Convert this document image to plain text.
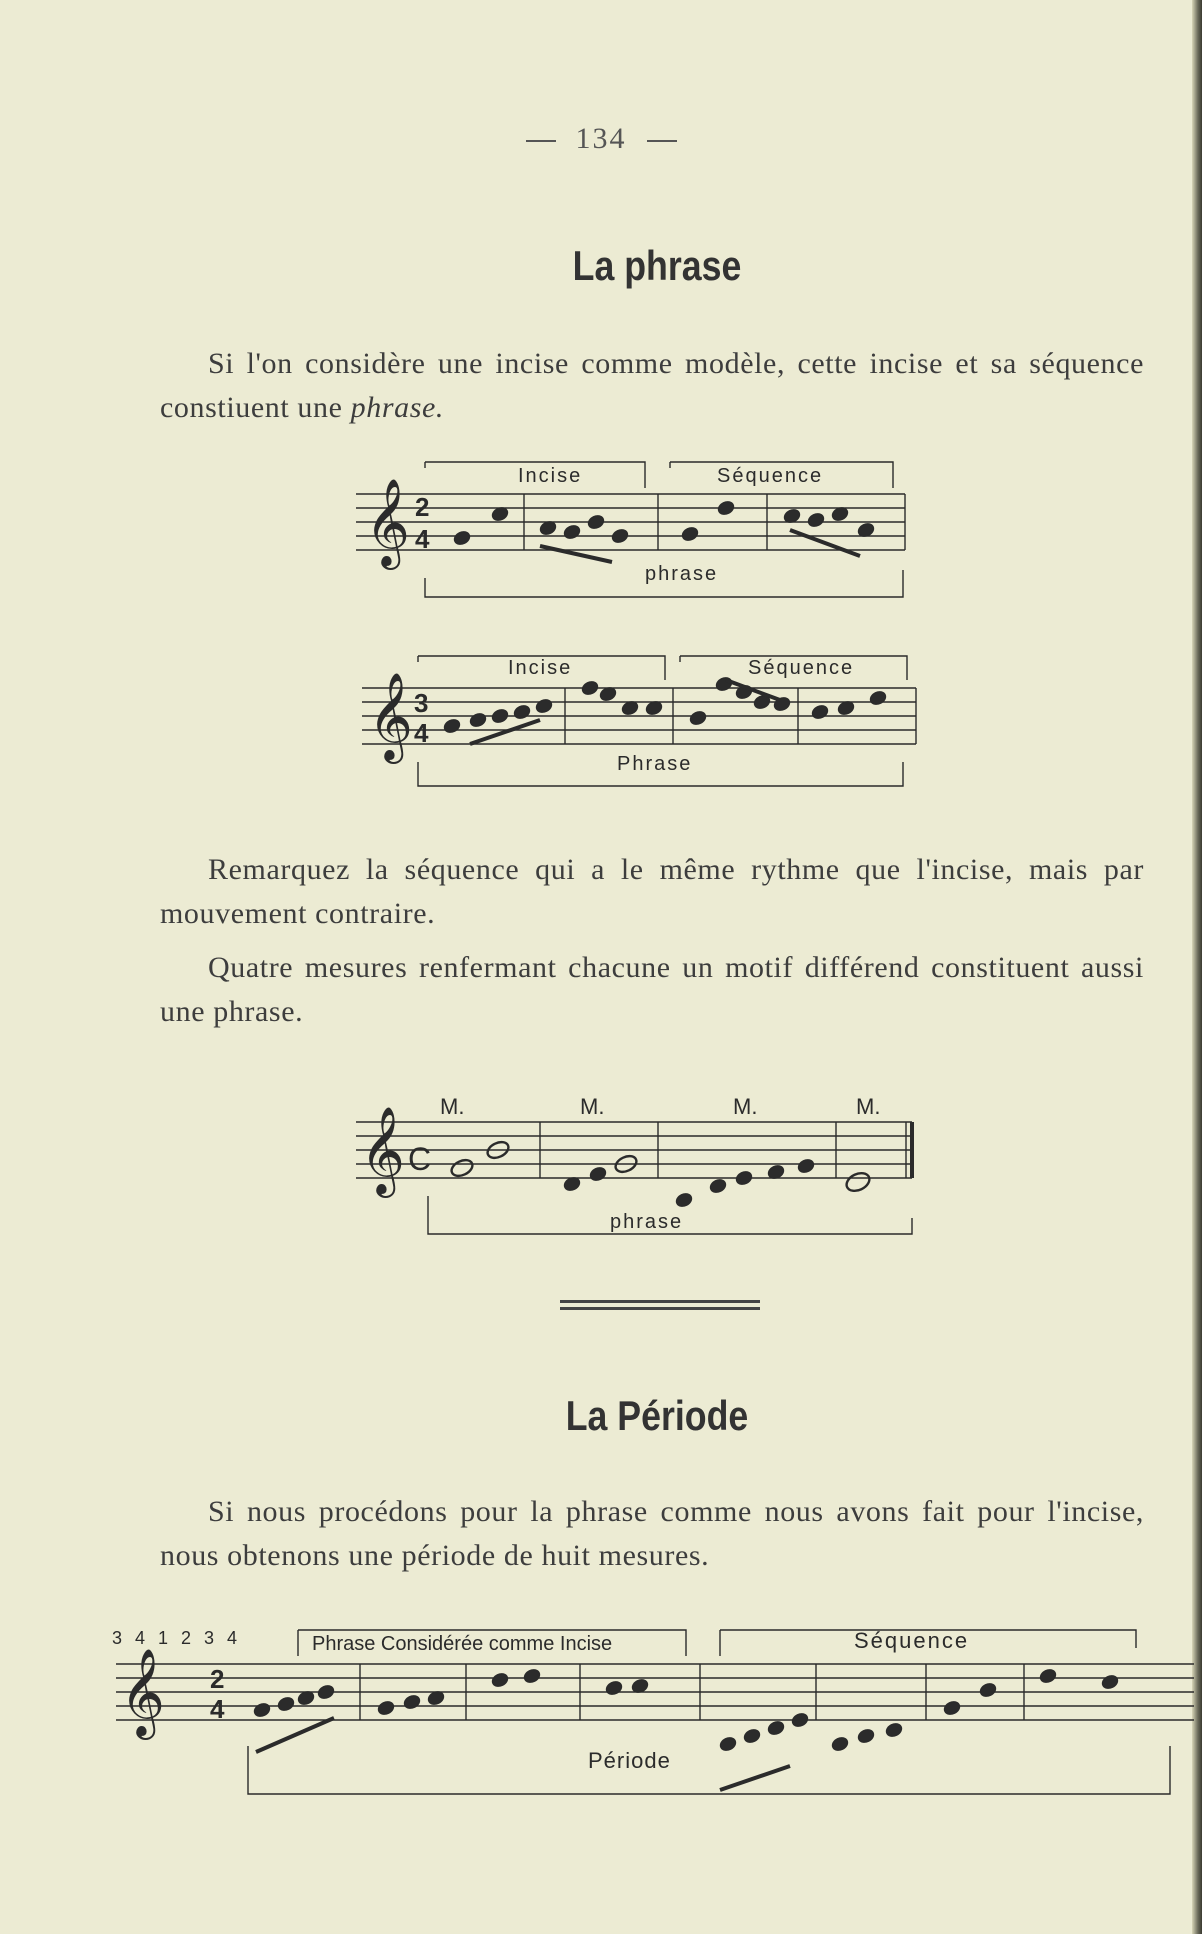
134
La phrase
Si l'on considère une incise comme modèle, cette incise et sa séquence constiuent une phrase.
Remarquez la séquence qui a le même rythme que l'incise, mais par mouvement contraire.
Quatre mesures renfermant chacune un motif différend constituent aussi une phrase.
La Période
Si nous procédons pour la phrase comme nous avons fait pour l'incise, nous obtenons une période de huit mesures.
𝄞 2
4
Incise	Séquence
phrase
𝄞 3
4
Incise	Séquence
Phrase
𝄞 C
M.	M.	M.	M.
phrase
3 4 1 2 3 4
𝄞 2
4
Phrase Considérée comme Incise	Séquence
Période
